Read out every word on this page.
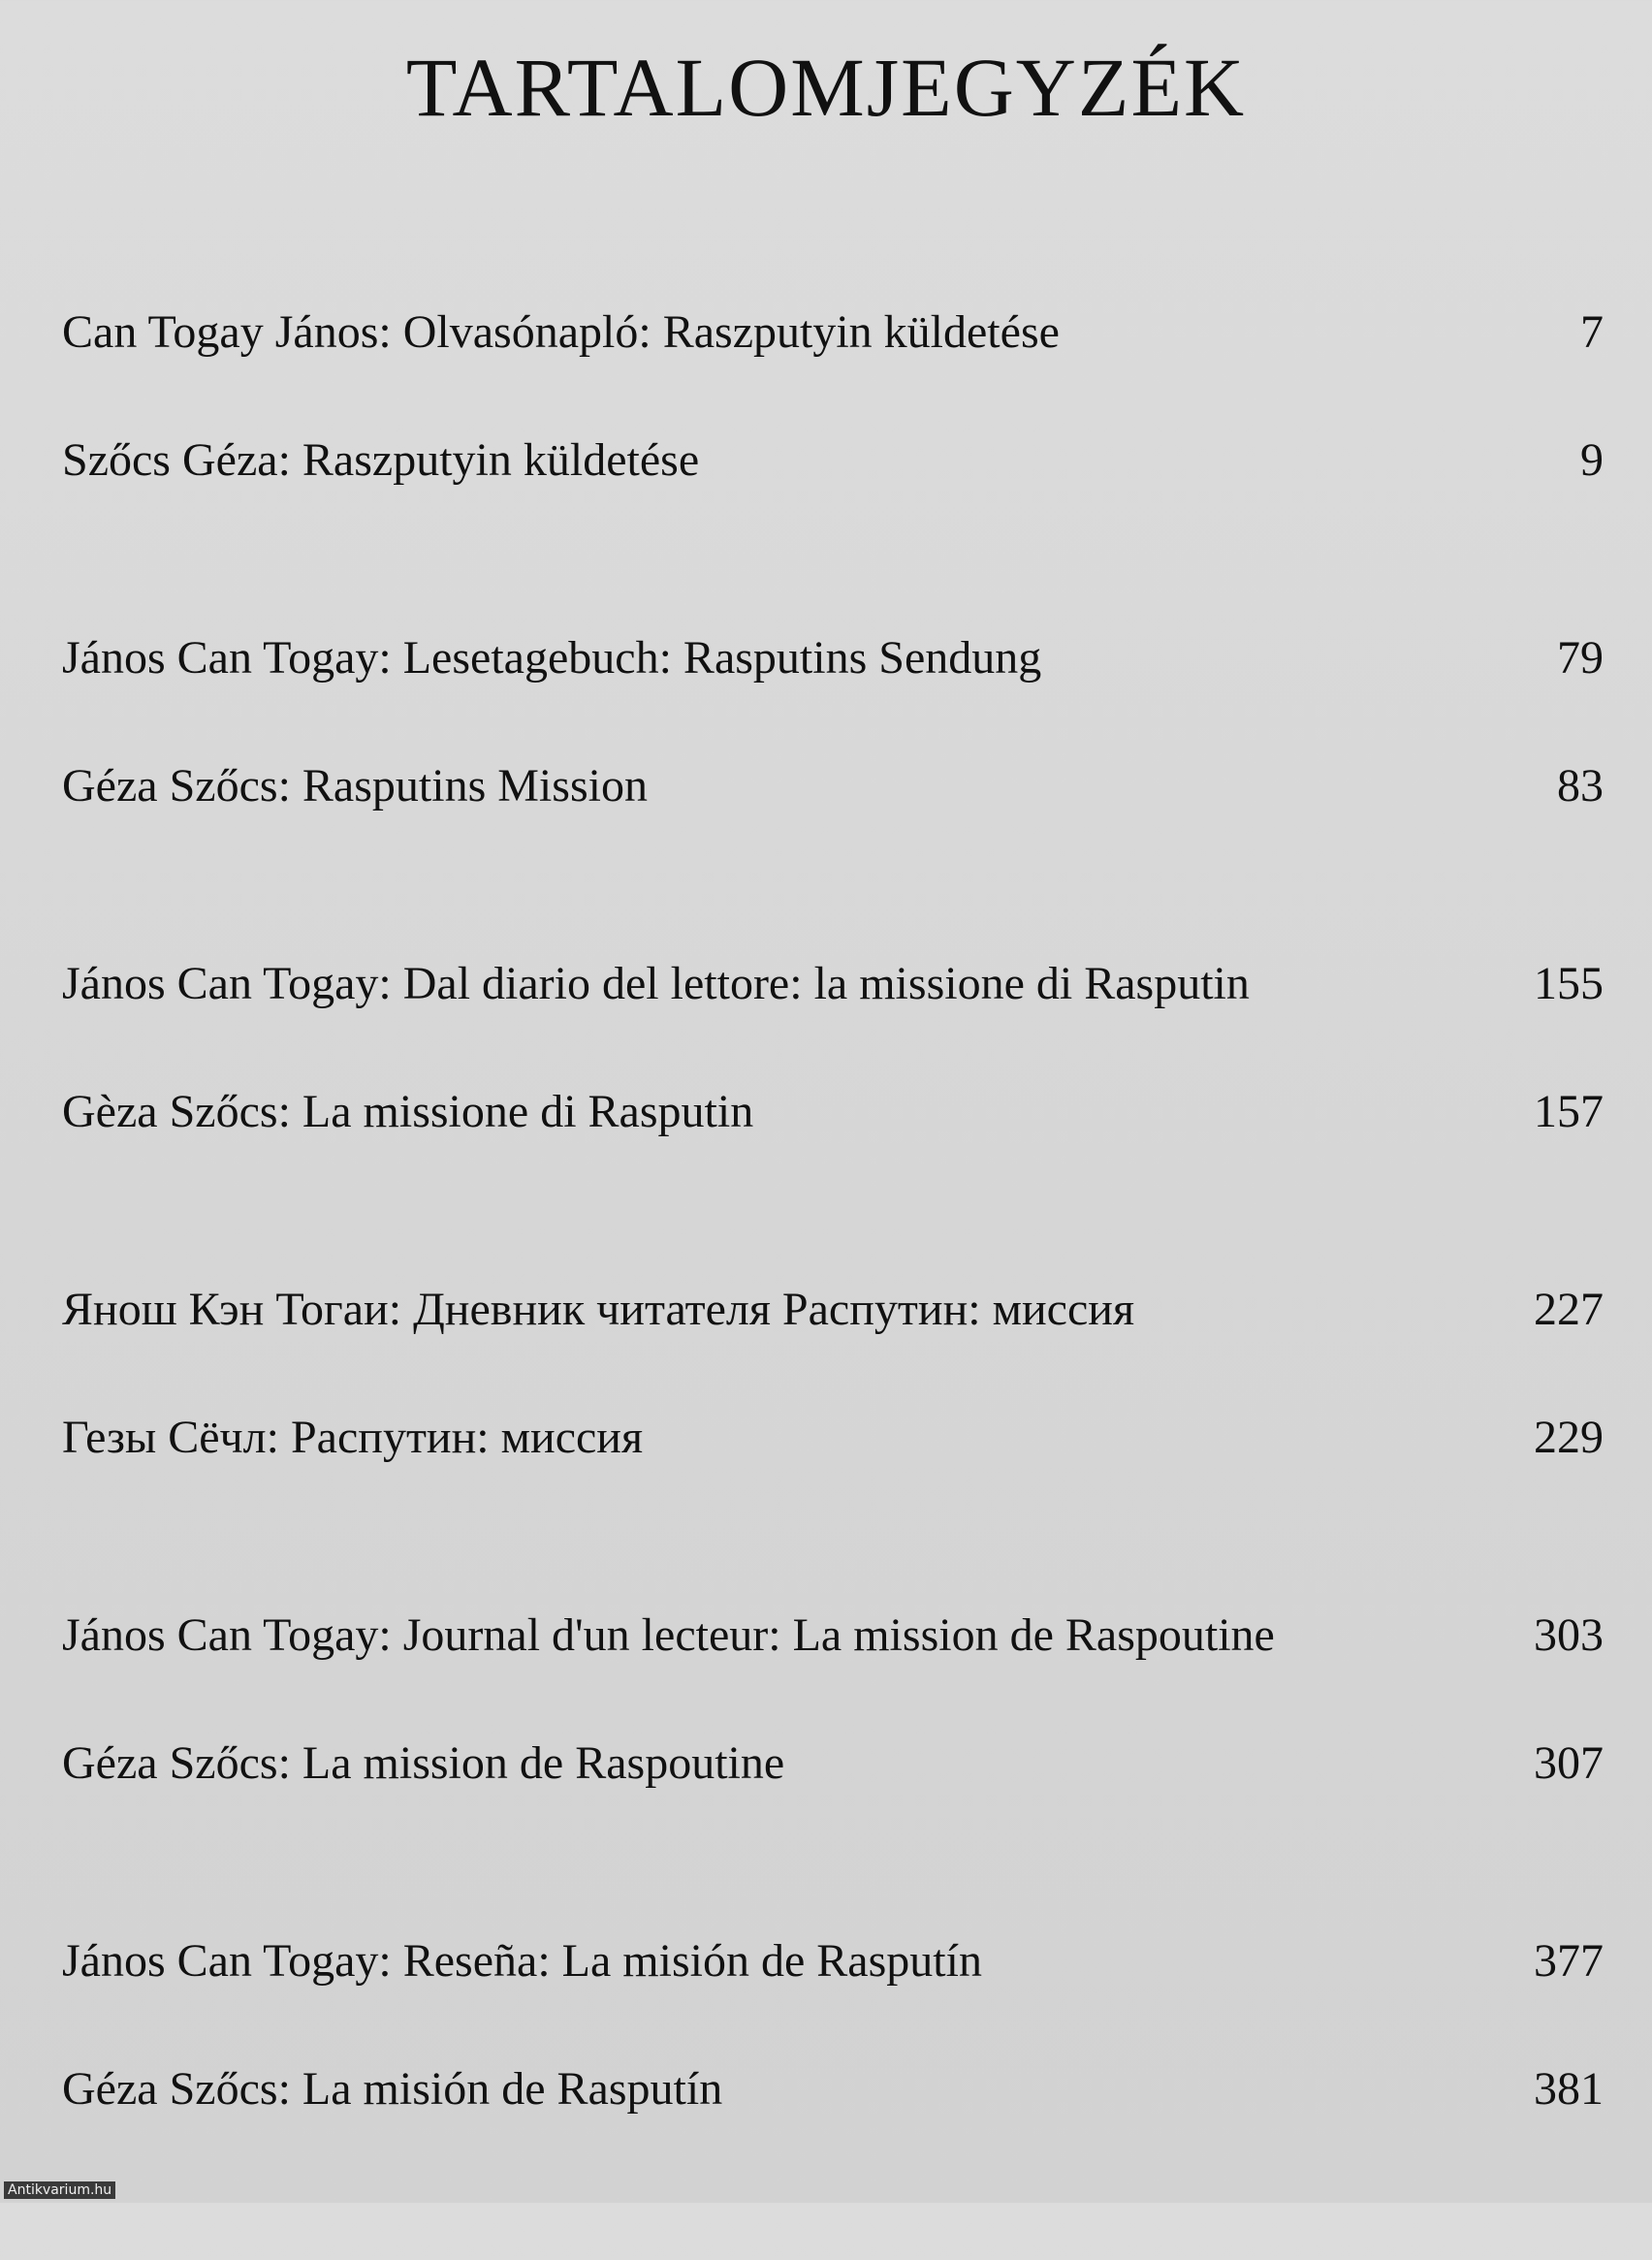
TARTALOMJEGYZÉK
Can Togay János: Olvasónapló: Raszputyin küldetése	7
Szőcs Géza: Raszputyin küldetése	9
János Can Togay: Lesetagebuch: Rasputins Sendung	79
Géza Szőcs: Rasputins Mission	83
János Can Togay: Dal diario del lettore: la missione di Rasputin	155
Gèza Szőcs: La missione di Rasputin	157
Янош Кэн Тогаи: Дневник читателя Распутин: миссия	227
Гезы Сёчл: Распутин: миссия	229
János Can Togay: Journal d'un lecteur: La mission de Raspoutine	303
Géza Szőcs: La mission de Raspoutine	307
János Can Togay: Reseña: La misión de Rasputín	377
Géza Szőcs: La misión de Rasputín	381
Antikvarium.hu
